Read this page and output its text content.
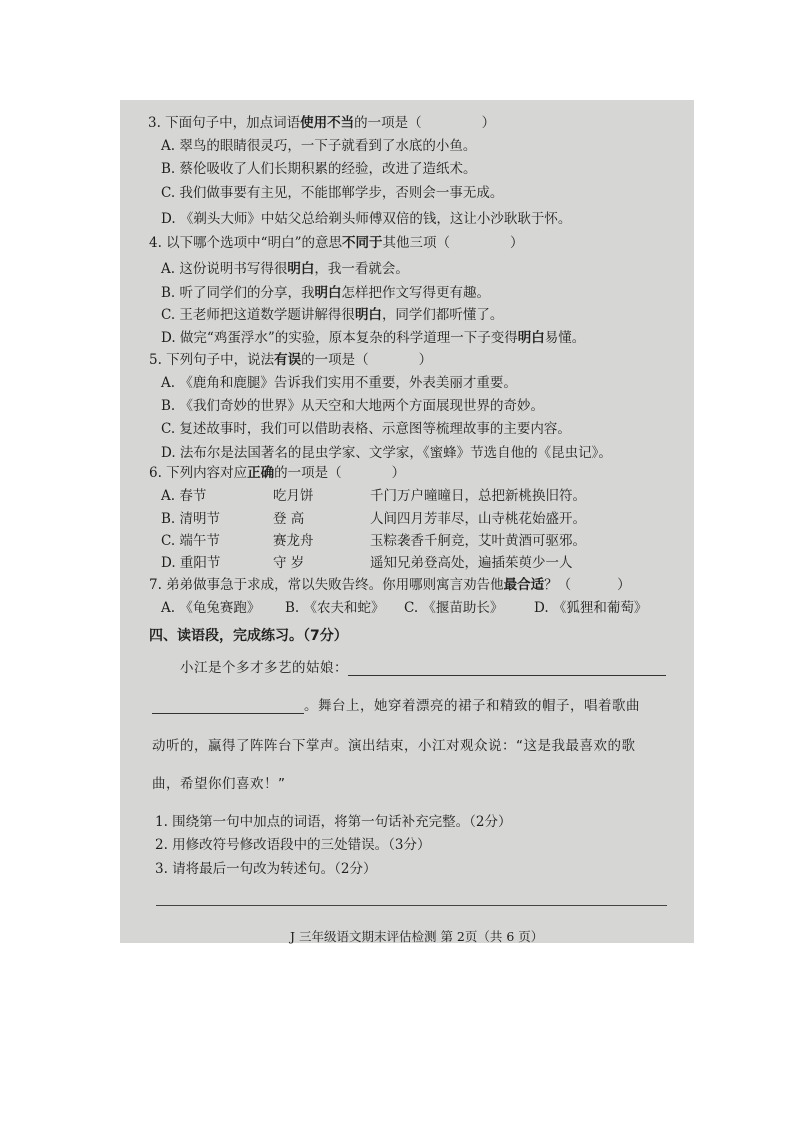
3. 下面句子中，加点词语使用不当的一项是（	）
A. 翠鸟的眼睛很灵巧，一下子就看到了水底的小鱼。
B. 蔡伦吸收了人们长期积累的经验，改进了造纸术。
C. 我们做事要有主见，不能邯郸学步，否则会一事无成。
D. 《剃头大师》中姑父总给剃头师傅双倍的钱，这让小沙耿耿于怀。
4. 以下哪个选项中“明白”的意思不同于其他三项（	）
A. 这份说明书写得很明白，我一看就会。
B. 听了同学们的分享，我明白怎样把作文写得更有趣。
C. 王老师把这道数学题讲解得很明白，同学们都听懂了。
D. 做完“鸡蛋浮水”的实验，原本复杂的科学道理一下子变得明白易懂。
5. 下列句子中，说法有误的一项是（	）
A. 《鹿角和鹿腿》告诉我们实用不重要，外表美丽才重要。
B. 《我们奇妙的世界》从天空和大地两个方面展现世界的奇妙。
C. 复述故事时，我们可以借助表格、示意图等梳理故事的主要内容。
D. 法布尔是法国著名的昆虫学家、文学家，《蜜蜂》节选自他的《昆虫记》。
6. 下列内容对应正确的一项是（	）
A. 春节	吃月饼	千门万户曈曈日，总把新桃换旧符。
B. 清明节	登 高	人间四月芳菲尽，山寺桃花始盛开。
C. 端午节	赛龙舟	玉粽袭香千舸竞，艾叶黄酒可驱邪。
D. 重阳节	守 岁	遥知兄弟登高处，遍插茱萸少一人
7. 弟弟做事急于求成，常以失败告终。你用哪则寓言劝告他最合适？（	）
A. 《龟兔赛跑》 B. 《农夫和蛇》 C. 《揠苗助长》 D. 《狐狸和葡萄》
四、读语段，完成练习。（7分）
小江是个多才多艺的姑娘：
。舞台上，她穿着漂亮的裙子和精致的帽子，唱着歌曲
动听的，赢得了阵阵台下掌声。演出结束，小江对观众说：“这是我最喜欢的歌
曲，希望你们喜欢！”
1. 围绕第一句中加点的词语，将第一句话补充完整。（2分）
2. 用修改符号修改语段中的三处错误。（3分）
3. 请将最后一句改为转述句。（2分）
J 三年级语文期末评估检测 第 2页（共 6 页）
